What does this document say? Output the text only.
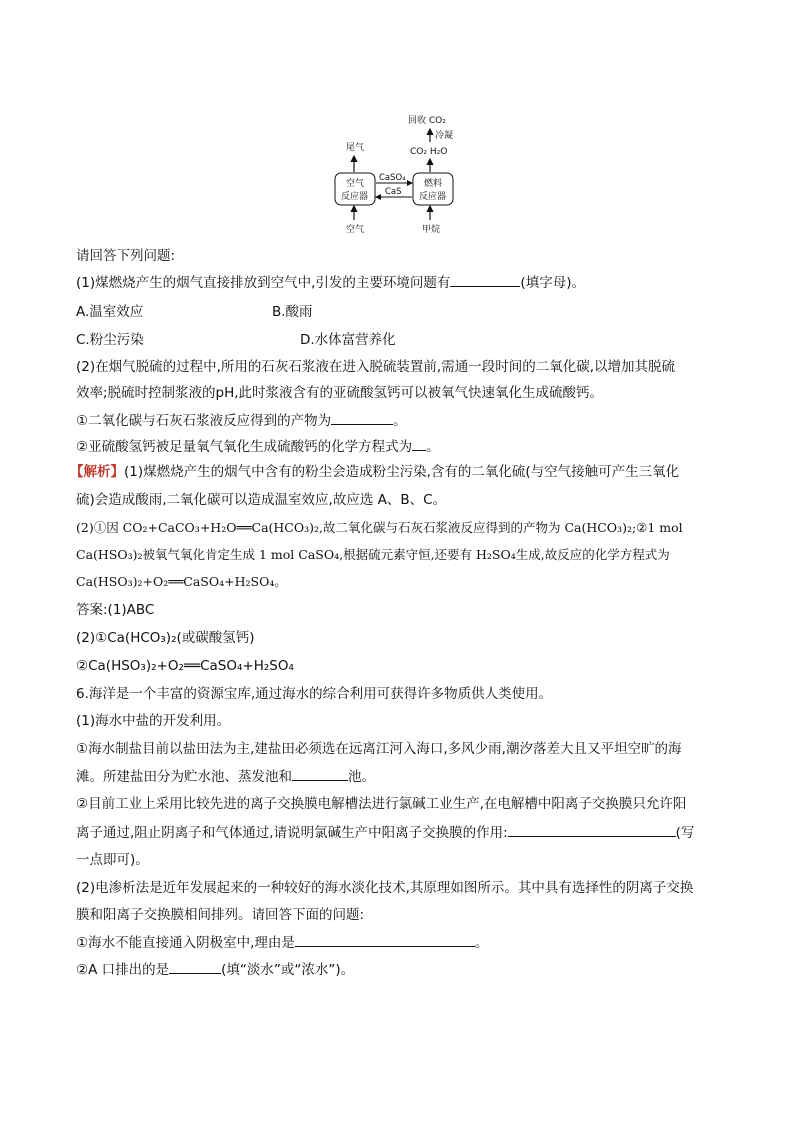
回收 CO₂
冷凝
CO₂ H₂O
尾气
空气
反应器
燃料
反应器
CaSO₄
CaS
空气	甲烷
请回答下列问题:
(1)煤燃烧产生的烟气直接排放到空气中,引发的主要环境问题有	(填字母)。
A.温室效应	B.酸雨
C.粉尘污染	D.水体富营养化
(2)在烟气脱硫的过程中,所用的石灰石浆液在进入脱硫装置前,需通一段时间的二氧化碳,以增加其脱硫
效率;脱硫时控制浆液的pH,此时浆液含有的亚硫酸氢钙可以被氧气快速氧化生成硫酸钙。
①二氧化碳与石灰石浆液反应得到的产物为	。
②亚硫酸氢钙被足量氧气氧化生成硫酸钙的化学方程式为 。
【解析】(1)煤燃烧产生的烟气中含有的粉尘会造成粉尘污染,含有的二氧化硫(与空气接触可产生三氧化
硫)会造成酸雨,二氧化碳可以造成温室效应,故应选 A、B、C。
(2)①因 CO₂+CaCO₃+H₂O══Ca(HCO₃)₂,故二氧化碳与石灰石浆液反应得到的产物为 Ca(HCO₃)₂;②1 mol
Ca(HSO₃)₂被氧气氧化肯定生成 1 mol CaSO₄,根据硫元素守恒,还要有 H₂SO₄生成,故反应的化学方程式为
Ca(HSO₃)₂+O₂══CaSO₄+H₂SO₄。
答案:(1)ABC
(2)①Ca(HCO₃)₂(或碳酸氢钙)
②Ca(HSO₃)₂+O₂══CaSO₄+H₂SO₄
6.海洋是一个丰富的资源宝库,通过海水的综合利用可获得许多物质供人类使用。
(1)海水中盐的开发利用。
①海水制盐目前以盐田法为主,建盐田必须选在远离江河入海口,多风少雨,潮汐落差大且又平坦空旷的海
滩。所建盐田分为贮水池、蒸发池和	池。
②目前工业上采用比较先进的离子交换膜电解槽法进行氯碱工业生产,在电解槽中阳离子交换膜只允许阳
离子通过,阻止阴离子和气体通过,请说明氯碱生产中阳离子交换膜的作用:	(写
一点即可)。
(2)电渗析法是近年发展起来的一种较好的海水淡化技术,其原理如图所示。其中具有选择性的阴离子交换
膜和阳离子交换膜相间排列。请回答下面的问题:
①海水不能直接通入阴极室中,理由是	。
②A 口排出的是	(填“淡水”或“浓水”)。
